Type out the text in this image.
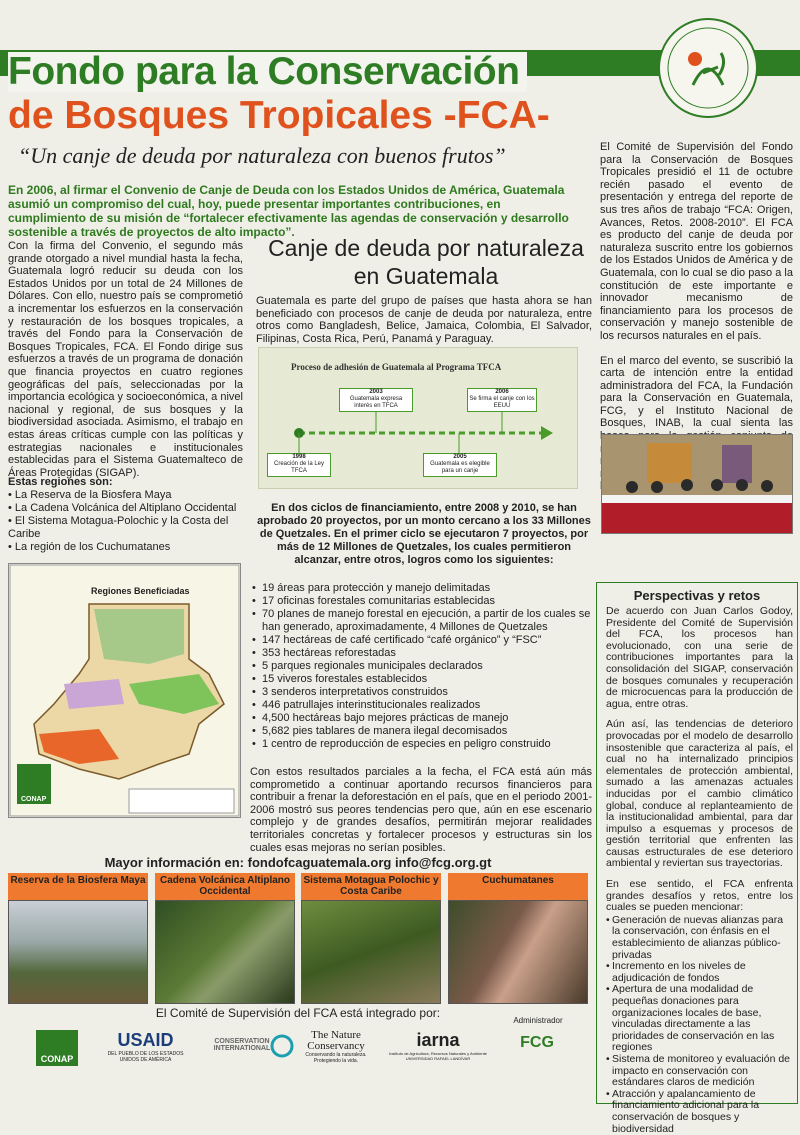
Fondo para la Conservación
de Bosques Tropicales -FCA-
“Un canje de deuda por naturaleza con buenos frutos”
En 2006, al firmar el Convenio de Canje de Deuda con los Estados Unidos de América, Guatemala asumió un compromiso del cual, hoy, puede presentar importantes contribuciones, en cumplimiento de su misión de “fortalecer efectivamente las agendas de conservación y desarrollo sostenible a través de proyectos de alto impacto”.

Con la firma del Convenio, el segundo más grande otorgado a nivel mundial hasta la fecha, Guatemala logró reducir su deuda con los Estados Unidos por un total de 24 Millones de Dólares. Con ello, nuestro país se comprometió a incrementar los esfuerzos en la conservación y restauración de los bosques tropicales, a través del Fondo para la Conservación de Bosques Tropicales, FCA. El Fondo dirige sus esfuerzos a través de un programa de donación que financia proyectos en cuatro regiones geográficas del país, seleccionadas por la importancia ecológica y socioeconómica, a nivel nacional y regional, de sus bosques y la biodiversidad asociada. Asimismo, el trabajo en estas áreas críticas cumple con las políticas y estrategias nacionales e institucionales establecidas para el Sistema Guatemalteco de Áreas Protegidas (SIGAP).

Estas regiones son:
• La Reserva de la Biosfera Maya
• La Cadena Volcánica del Altiplano Occidental
• El Sistema Motagua-Polochic y la Costa del Caribe
• La región de los Cuchumatanes
Regiones Beneficiadas
CONAP
Canje de deuda por naturaleza
en Guatemala

Guatemala es parte del grupo de países que hasta ahora se han beneficiado con procesos de canje de deuda por naturaleza, entre otros como Bangladesh, Belice, Jamaica, Colombia, El Salvador, Filipinas, Costa Rica, Perú, Panamá y Paraguay.

Proceso de adhesión de Guatemala al Programa TFCA
2003
Guatemala expresa interés en TFCA
2006
Se firma el canje con los EEUU
1998
Creación de la Ley TFCA
2005
Guatemala es elegible para un canje
En dos ciclos de financiamiento, entre 2008 y 2010, se han aprobado 20 proyectos, por un monto cercano a los 33 Millones de Quetzales. En el primer ciclo se ejecutaron 7 proyectos, por más de 12 Millones de Quetzales, los cuales permitieron alcanzar, entre otros, logros como los siguientes:
• 19 áreas para protección y manejo delimitadas
• 17 oficinas forestales comunitarias establecidas
• 70 planes de manejo forestal en ejecución, a partir de los cuales se han generado, aproximadamente, 4 Millones de Quetzales
• 147 hectáreas de café certificado “café orgánico” y “FSC”
• 353 hectáreas reforestadas
• 5 parques regionales municipales declarados
• 15 viveros forestales establecidos
• 3 senderos interpretativos construidos
• 446 patrullajes interinstitucionales realizados
• 4,500 hectáreas bajo mejores prácticas de manejo
• 5,682 pies tablares de manera ilegal decomisados
• 1 centro de reproducción de especies en peligro construido

Con estos resultados parciales a la fecha, el FCA está aún más comprometido a continuar aportando recursos financieros para contribuir a frenar la deforestación en el país, que en el periodo 2001-2006 mostró sus peores tendencias pero que, aún en ese escenario complejo y de grandes desafíos, permitirán mejorar realidades territoriales concretas y fortalecer procesos y estructuras sin los cuales esas mejoras no serían posibles.

Mayor información en: fondofcaguatemala.org info@fcg.org.gt
Reserva de la Biosfera Maya	Cadena Volcánica Altiplano Occidental
Sistema Motagua Polochic y Costa Caribe
Cuchumatanes
El Comité de Supervisión del FCA está integrado por:
CONAP
USAID
DEL PUEBLO DE LOS ESTADOS UNIDOS DE AMÉRICA
CONSERVATION INTERNATIONAL
The Nature Conservancy
Conservando la naturaleza. Protegiendo la vida.
iarna
Instituto de Agricultura, Recursos Naturales y Ambiente UNIVERSIDAD RAFAEL LANDÍVAR
Administrador
FCG

El Comité de Supervisión del Fondo para la Conservación de Bosques Tropicales presidió el 11 de octubre recién pasado el evento de presentación y entrega del reporte de sus tres años de trabajo “FCA: Origen, Avances, Retos. 2008-2010”. El FCA es producto del canje de deuda por naturaleza suscrito entre los gobiernos de los Estados Unidos de América y de Guatemala, con lo cual se dio paso a la constitución de este importante e innovador mecanismo de financiamiento para los procesos de conservación y manejo sostenible de los recursos naturales en el país.

En el marco del evento, se suscribió la carta de intención entre la entidad administradora del FCA, la Fundación para la Conservación en Guatemala, FCG, y el Instituto Nacional de Bosques, INAB, la cual sienta las

Perspectivas y retos

De acuerdo con Juan Carlos Godoy, Presidente del Comité de Supervisión del FCA, los procesos han evolucionado, con una serie de contribuciones importantes para la consolidación del SIGAP, conservación de bosques comunales y recuperación de microcuencas para la producción de agua, entre otras.

Aún así, las tendencias de deterioro provocadas por el modelo de desarrollo insostenible que caracteriza al país, el cual no ha internalizado principios elementales de protección ambiental, sumado a las amenazas actuales inducidas por el cambio climático global, conduce al replanteamiento de la institucionalidad ambiental, para dar impulso a esquemas y procesos de gestión territorial que enfrenten las causas estructurales de ese deterioro ambiental y reviertan sus trayectorias.

En ese sentido, el FCA enfrenta grandes desafíos y retos, entre los cuales se pueden mencionar:

• Generación de nuevas alianzas para la conservación, con énfasis en el establecimiento de alianzas público-privadas
• Incremento en los niveles de adjudicación de fondos
• Apertura de una modalidad de pequeñas donaciones para organizaciones locales de base, vinculadas directamente a las prioridades de conservación en las regiones
• Sistema de monitoreo y evaluación de impacto en conservación con estándares claros de medición
• Atracción y apalancamiento de financiamiento adicional para la conservación de bosques y biodiversidad
